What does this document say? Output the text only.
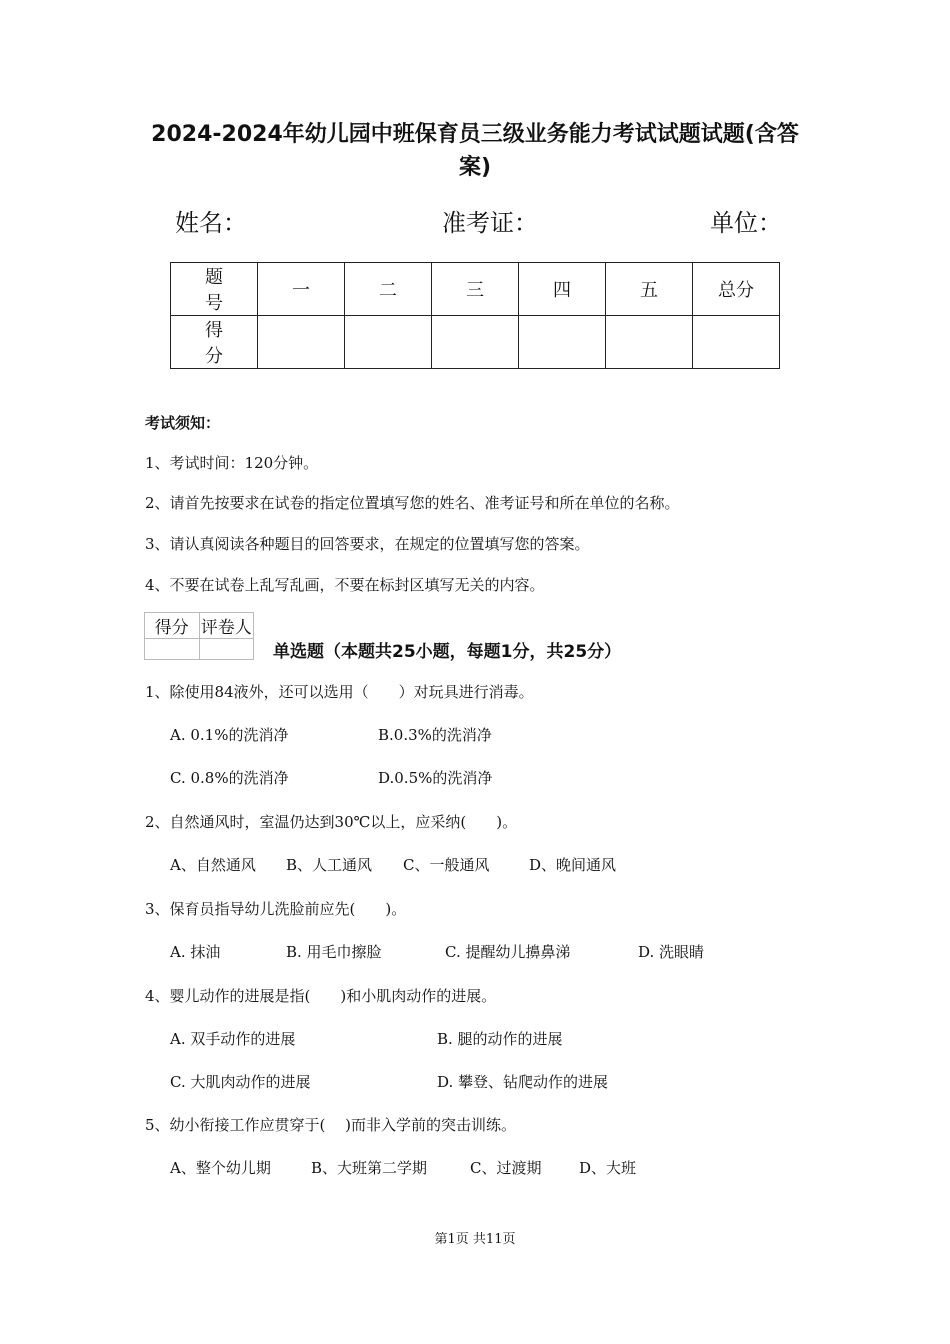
2024-2024年幼儿园中班保育员三级业务能力考试试题试题(含答
案)
姓名：	准考证：	单位：
题 号	一	二	三	四	五	总分
得 分						
考试须知：
1、考试时间：120分钟。
2、请首先按要求在试卷的指定位置填写您的姓名、准考证号和所在单位的名称。
3、请认真阅读各种题目的回答要求，在规定的位置填写您的答案。
4、不要在试卷上乱写乱画，不要在标封区填写无关的内容。
得分	评卷人

单选题（本题共25小题，每题1分，共25分）
1、除使用84液外，还可以选用（　　）对玩具进行消毒。
A. 0.1%的洗消净	B.0.3%的洗消净
C. 0.8%的洗消净	D.0.5%的洗消净
2、自然通风时，室温仍达到30℃以上，应采纳(　　)。
A、自然通风 B、人工通风 C、一般通风	D、晚间通风
3、保育员指导幼儿洗脸前应先(　　)。
A. 抹油	B. 用毛巾擦脸	C. 提醒幼儿擤鼻涕	D. 洗眼睛
4、婴儿动作的进展是指(　　)和小肌肉动作的进展。
A. 双手动作的进展	B. 腿的动作的进展
C. 大肌肉动作的进展	D. 攀登、钻爬动作的进展
5、幼小衔接工作应贯穿于(　 )而非入学前的突击训练。
A、整个幼儿期	B、大班第二学期	C、过渡期	D、大班
第1页 共11页
